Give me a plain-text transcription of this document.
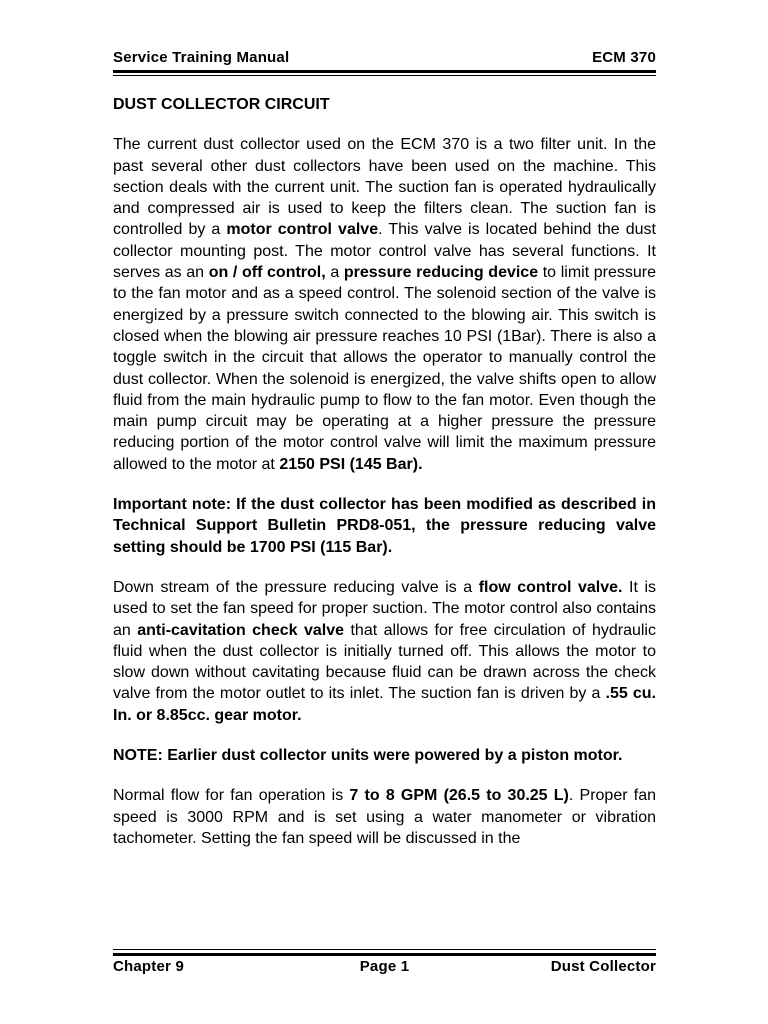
Service Training Manual	ECM 370
DUST COLLECTOR CIRCUIT

The current dust collector used on the ECM 370 is a two filter unit. In the past several other dust collectors have been used on the machine. This section deals with the current unit. The suction fan is operated hydraulically and compressed air is used to keep the filters clean. The suction fan is controlled by a motor control valve. This valve is located behind the dust collector mounting post. The motor control valve has several functions. It serves as an on / off control, a pressure reducing device to limit pressure to the fan motor and as a speed control. The solenoid section of the valve is energized by a pressure switch connected to the blowing air. This switch is closed when the blowing air pressure reaches 10 PSI (1Bar). There is also a toggle switch in the circuit that allows the operator to manually control the dust collector. When the solenoid is energized, the valve shifts open to allow fluid from the main hydraulic pump to flow to the fan motor. Even though the main pump circuit may be operating at a higher pressure the pressure reducing portion of the motor control valve will limit the maximum pressure allowed to the motor at 2150 PSI (145 Bar).

Important note: If the dust collector has been modified as described in Technical Support Bulletin PRD8-051, the pressure reducing valve setting should be 1700 PSI (115 Bar).

Down stream of the pressure reducing valve is a flow control valve. It is used to set the fan speed for proper suction. The motor control also contains an anti-cavitation check valve that allows for free circulation of hydraulic fluid when the dust collector is initially turned off. This allows the motor to slow down without cavitating because fluid can be drawn across the check valve from the motor outlet to its inlet. The suction fan is driven by a .55 cu. In. or 8.85cc. gear motor.

NOTE: Earlier dust collector units were powered by a piston motor.

Normal flow for fan operation is 7 to 8 GPM (26.5 to 30.25 L). Proper fan speed is 3000 RPM and is set using a water manometer or vibration tachometer. Setting the fan speed will be discussed in the

Chapter 9	Page 1	Dust Collector
